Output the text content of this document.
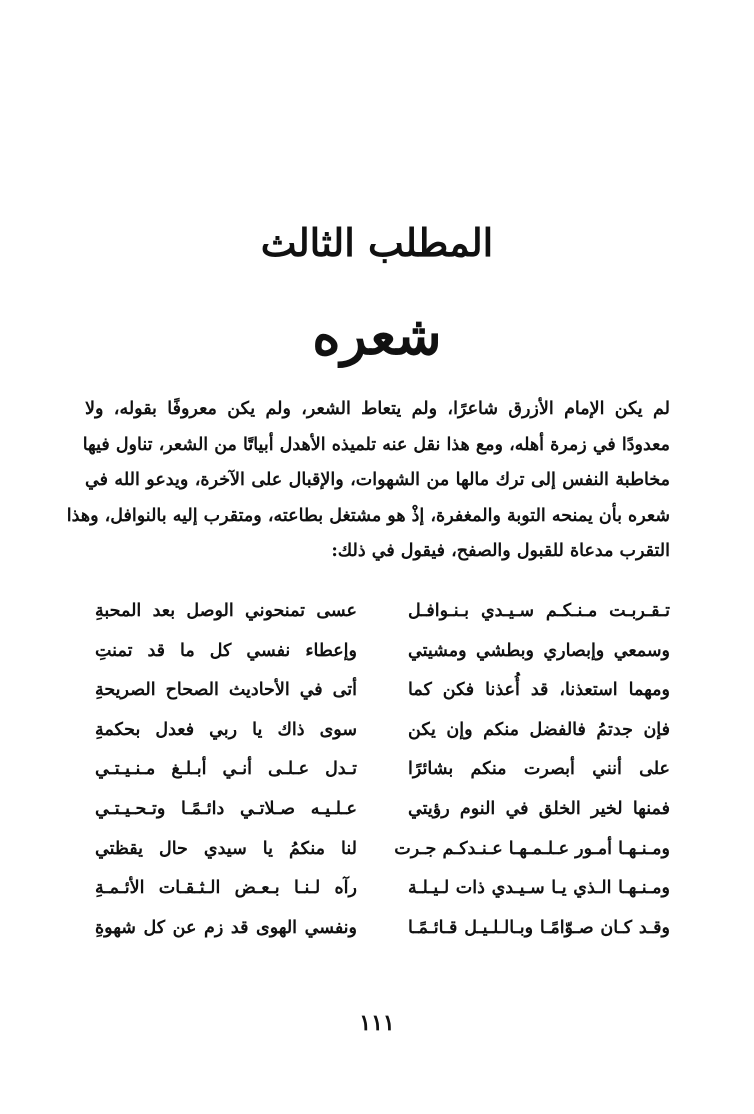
المطلب الثالث
شعره
لم يكن الإمام الأزرق شاعرًا، ولم يتعاط الشعر، ولم يكن معروفًا بقوله، ولا
معدودًا في زمرة أهله، ومع هذا نقل عنه تلميذه الأهدل أبياتًا من الشعر، تناول فيها
مخاطبة النفس إلى ترك مالها من الشهوات، والإقبال على الآخرة، ويدعو الله في
شعره بأن يمنحه التوبة والمغفرة، إذْ هو مشتغل بطاعته، ومتقرب إليه بالنوافل، وهذا
التقرب مدعاة للقبول والصفح، فيقول في ذلك:
تـقـربـت مـنـكـم سـيـدي بـنـوافـل
عسى تمنحوني الوصل بعد المحبةِ
وسمعي وإبصاري وبطشي ومشيتي
وإعطاء نفسي كل ما قد تمنتِ
ومهما استعذنا، قد أُعذنا فكن كما
أتى في الأحاديث الصحاح الصريحةِ
فإن جدتمُ فالفضل منكم وإن يكن
سوى ذاك يا ربي فعدل بحكمةِ
على أنني أبصرت منكم بشائرًا
تـدل عـلـى أنـي أبـلـغ مـنـيـتـي
فمنها لخير الخلق في النوم رؤيتي
عـلـيـه صـلاتـي دائـمًـا وتـحـيـتـي
ومـنـهـا أمـور عـلـمـهـا عـنـدكـم جـرت
لنا منكمُ يا سيدي حال يقظتي
ومـنـهـا الـذي يـا سـيـدي ذات لـيـلـة
رآه لـنـا بـعـض الـثـقـات الأئـمـةِ
وقـد كـان صـوّامًـا وبـالـلـيـل قـائـمًـا
ونفسي الهوى قد زم عن كل شهوةِ
١١١
